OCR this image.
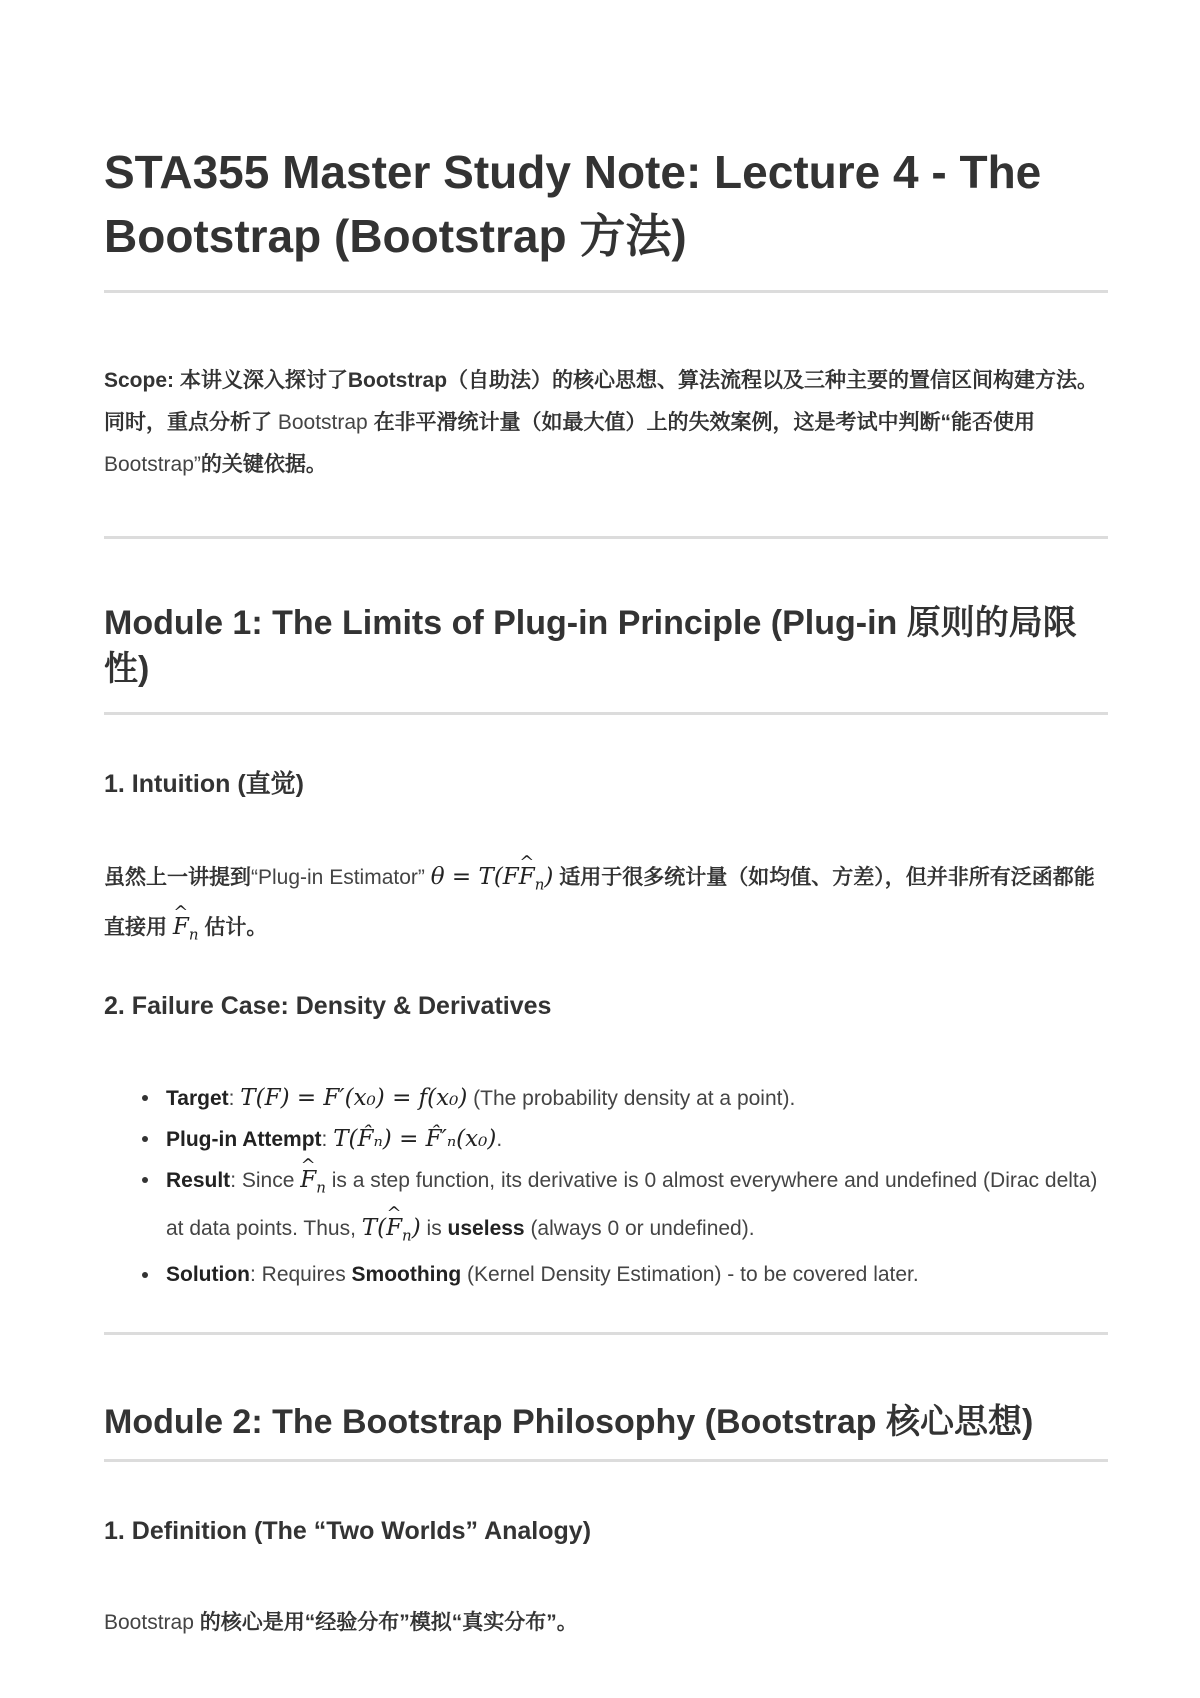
STA355 Master Study Note: Lecture 4 - The Bootstrap (Bootstrap 方法)

Scope: 本讲义深入探讨了Bootstrap（自助法）的核心思想、算法流程以及三种主要的置信区间构建方法。同时，重点分析了 Bootstrap 在非平滑统计量（如最大值）上的失效案例，这是考试中判断“能否使用 Bootstrap”的关键依据。

Module 1: The Limits of Plug-in Principle (Plug-in 原则的局限性)
1. Intuition (直觉)

虽然上一讲提到“Plug-in Estimator” θ = T(F^ $F_n$) 适用于很多统计量（如均值、方差），但并非所有泛函都能直接用 ^ $F_n$ 估计。

2. Failure Case: Density & Derivatives
Target: T(F) = F′(x₀) = f(x₀) (The probability density at a point).
Plug-in Attempt: T(F̂ₙ) = F̂′ₙ(x₀).
Result: Since ^ $F_n$ is a step function, its derivative is 0 almost everywhere and undefined (Dirac delta) at data points. Thus, T(^ $F_n$) is useless (always 0 or undefined).
Solution: Requires Smoothing (Kernel Density Estimation) - to be covered later.
Module 2: The Bootstrap Philosophy (Bootstrap 核心思想)
1. Definition (The “Two Worlds” Analogy)

Bootstrap 的核心是用“经验分布”模拟“真实分布”。
